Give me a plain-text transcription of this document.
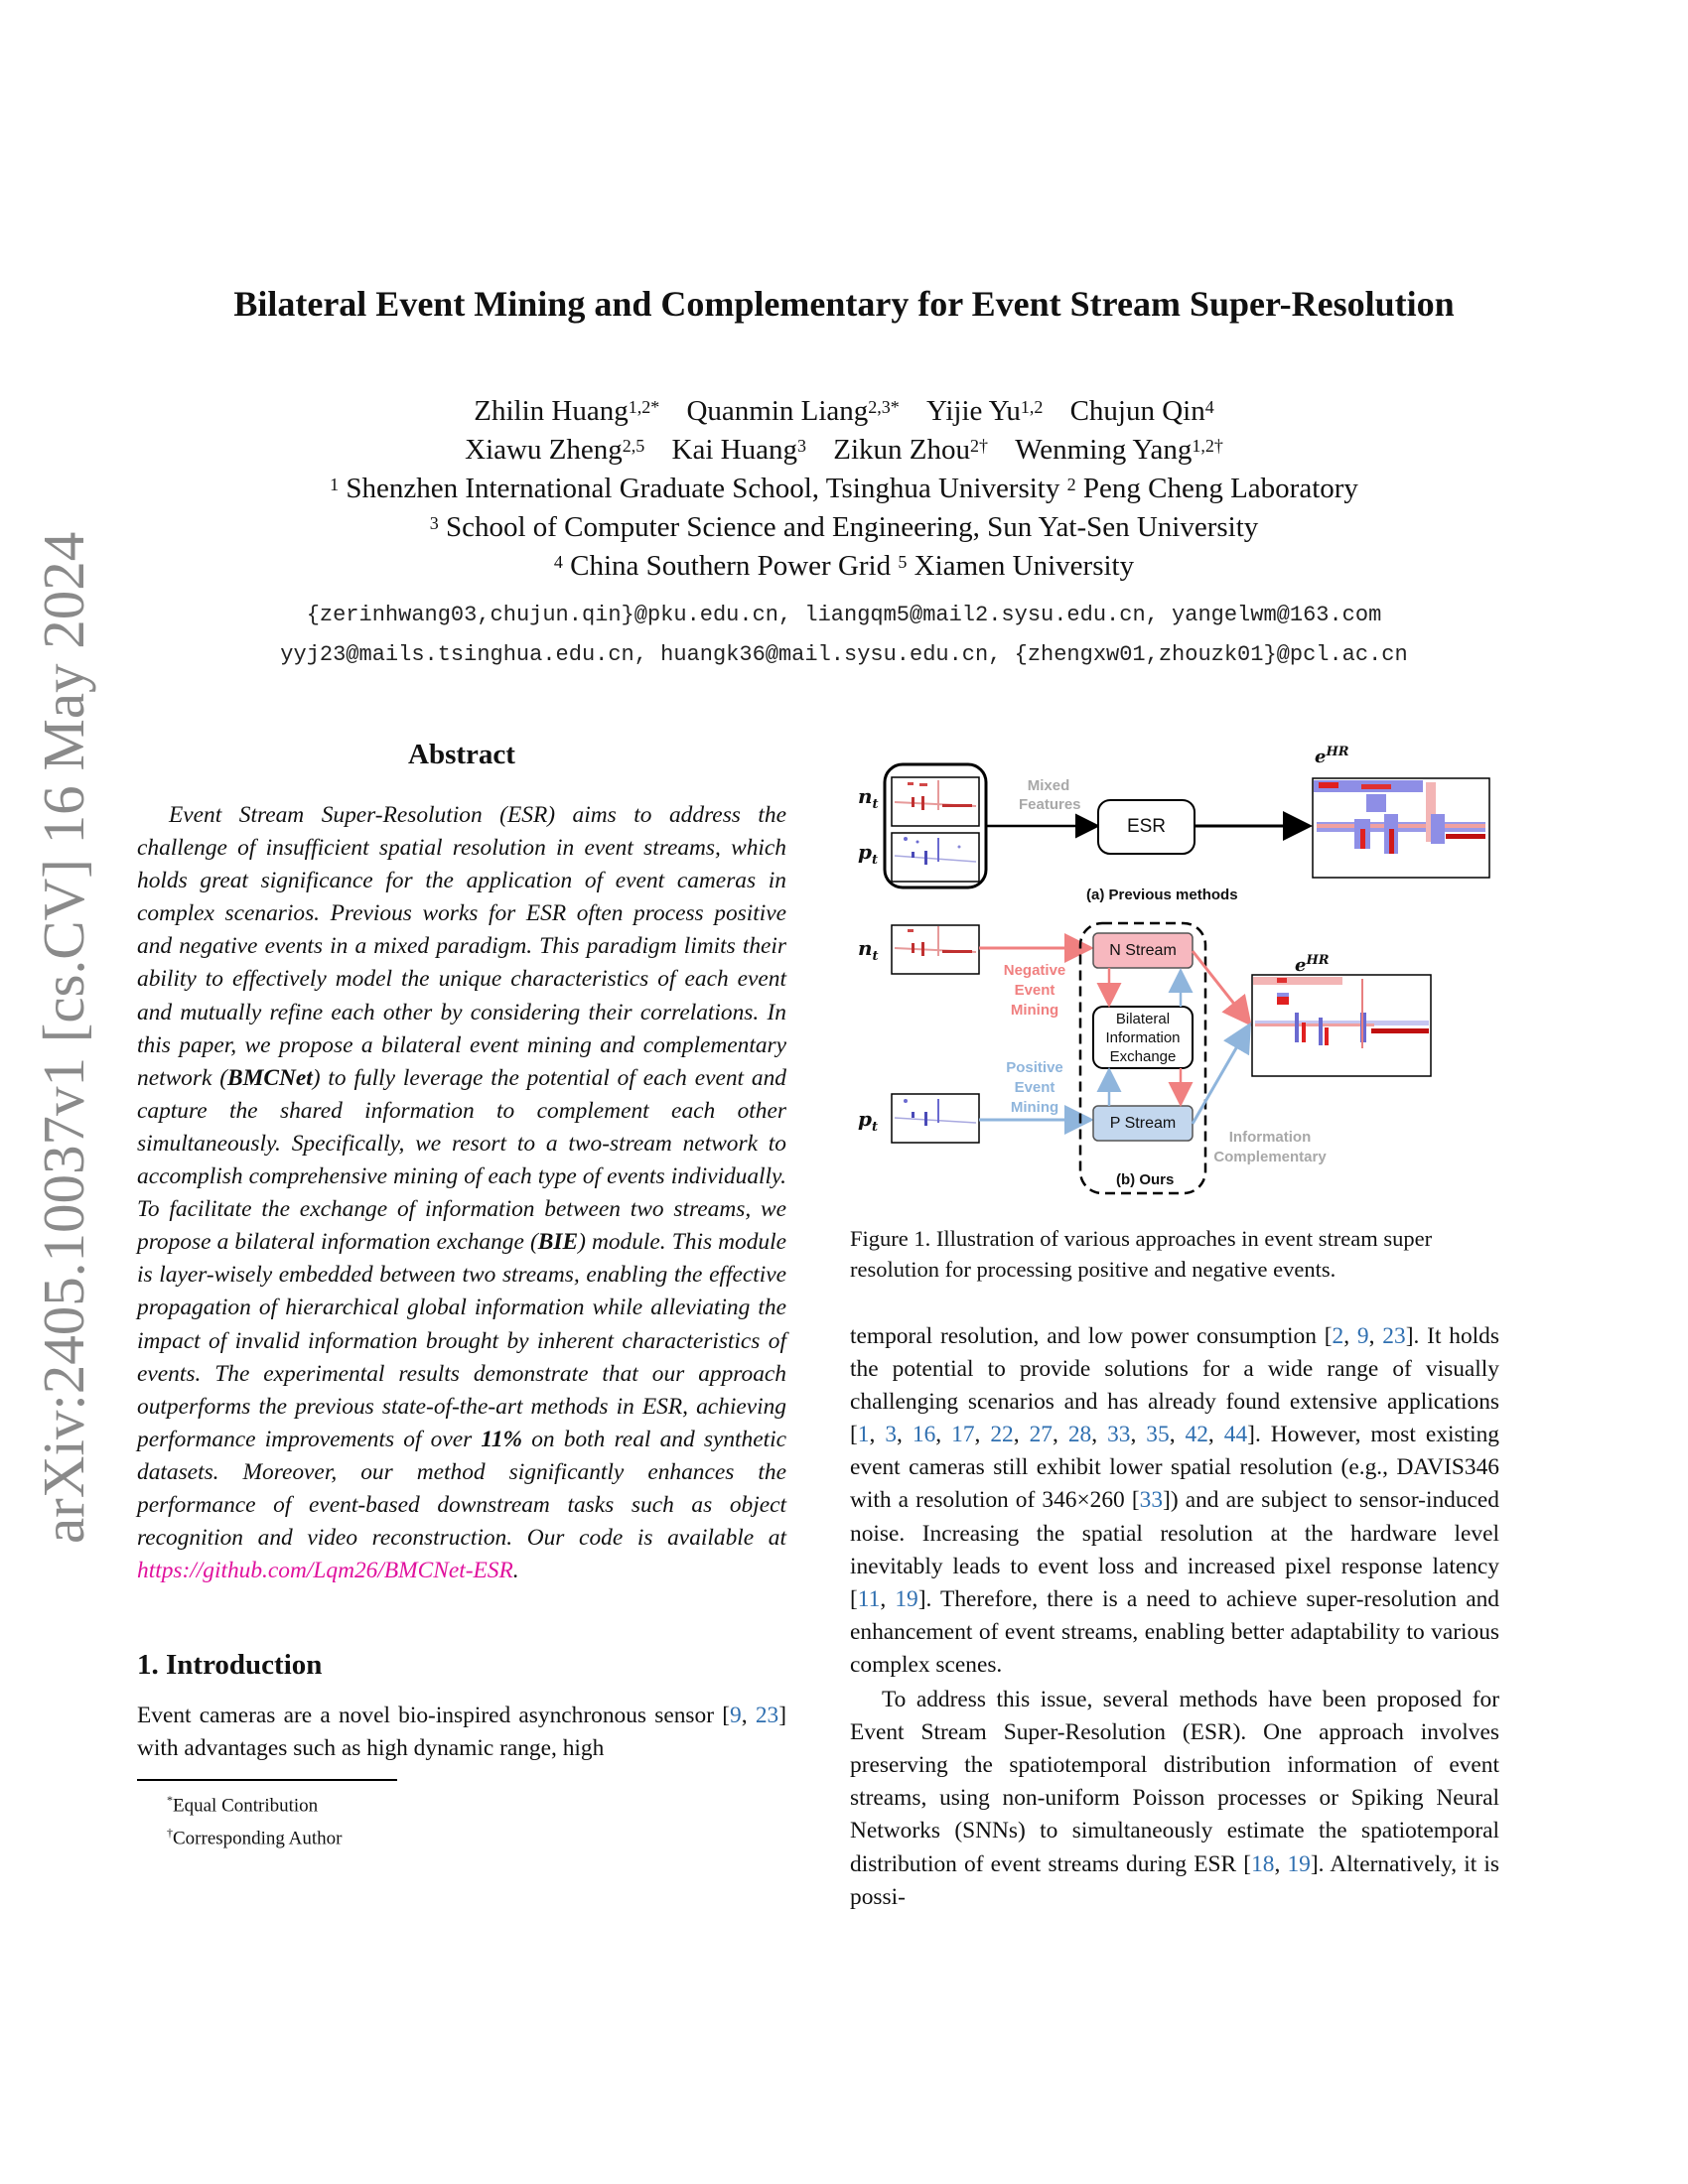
arXiv:2405.10037v1 [cs.CV] 16 May 2024
Bilateral Event Mining and Complementary for Event Stream Super-Resolution
Zhilin Huang$^{1,2*}$ Quanmin Liang$^{2,3*}$ Yijie Yu$^{1,2}$ Chujun Qin$^4$
Xiawu Zheng$^{2,5}$ Kai Huang$^3$ Zikun Zhou$^{2\dagger}$ Wenming Yang$^{1,2\dagger}$
$^1$ Shenzhen International Graduate School, Tsinghua University $^2$ Peng Cheng Laboratory
$^3$ School of Computer Science and Engineering, Sun Yat-Sen University
$^4$ China Southern Power Grid $^5$ Xiamen University
{zerinhwang03,chujun.qin}@pku.edu.cn, liangqm5@mail2.sysu.edu.cn, yangelwm@163.com
yyj23@mails.tsinghua.edu.cn, huangk36@mail.sysu.edu.cn, {zhengxw01,zhouzk01}@pcl.ac.cn
Abstract
Event Stream Super-Resolution (ESR) aims to address the challenge of insufficient spatial resolution in event streams, which holds great significance for the application of event cameras in complex scenarios. Previous works for ESR often process positive and negative events in a mixed paradigm. This paradigm limits their ability to effectively model the unique characteristics of each event and mutually refine each other by considering their correlations. In this paper, we propose a bilateral event mining and complementary network (BMCNet) to fully leverage the potential of each event and capture the shared information to complement each other simultaneously. Specifically, we resort to a two-stream network to accomplish comprehensive mining of each type of events individually. To facilitate the exchange of information between two streams, we propose a bilateral information exchange (BIE) module. This module is layer-wisely embedded between two streams, enabling the effective propagation of hierarchical global information while alleviating the impact of invalid information brought by inherent characteristics of events. The experimental results demonstrate that our approach outperforms the previous state-of-the-art methods in ESR, achieving performance improvements of over 11% on both real and synthetic datasets. Moreover, our method significantly enhances the performance of event-based downstream tasks such as object recognition and video reconstruction. Our code is available at https://github.com/Lqm26/BMCNet-ESR.
1. Introduction
Event cameras are a novel bio-inspired asynchronous sensor [9, 23] with advantages such as high dynamic range, high
*Equal Contribution
†Corresponding Author
$n_t$
$p_t$
Mixed
Features
ESR
$e^{HR}$
(a) Previous methods
$n_t$
$p_t$
Negative
Event
Mining
Positive
Event
Mining
N Stream
P Stream
Bilateral
Information
Exchange
$e^{HR}$
Information
Complementary
(b) Ours
Figure 1. Illustration of various approaches in event stream super resolution for processing positive and negative events.

temporal resolution, and low power consumption [2, 9, 23]. It holds the potential to provide solutions for a wide range of visually challenging scenarios and has already found extensive applications [1, 3, 16, 17, 22, 27, 28, 33, 35, 42, 44]. However, most existing event cameras still exhibit lower spatial resolution (e.g., DAVIS346 with a resolution of 346×260 [33]) and are subject to sensor-induced noise. Increasing the spatial resolution at the hardware level inevitably leads to event loss and increased pixel response latency [11, 19]. Therefore, there is a need to achieve super-resolution and enhancement of event streams, enabling better adaptability to various complex scenes.

To address this issue, several methods have been proposed for Event Stream Super-Resolution (ESR). One approach involves preserving the spatiotemporal distribution information of event streams, using non-uniform Poisson processes or Spiking Neural Networks (SNNs) to simultaneously estimate the spatiotemporal distribution of event streams during ESR [18, 19]. Alternatively, it is possi-
